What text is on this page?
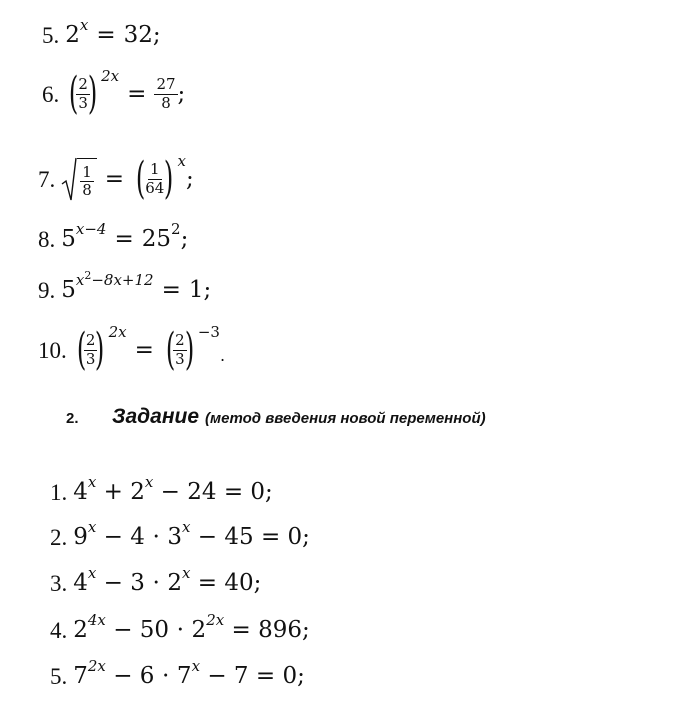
5. 2 x = 32;
6. (
$\frac{2}{3}$
) 2x
= $\frac{27}{8}$ ;
7. $\frac{1}{8}$ = (
$\frac{1}{64}$
) x
;
8. 5 x−4 = 25 2 ;
9. 5 $x^2-8x+12 = 1$;
10. (
$\frac{2}{3}$
) 2x
= (
$\frac{2}{3}$
) −3
.
2.	Задание (метод введения новой переменной)
1. 4 x + 2 x − 24 = 0;
2. 9 x − 4 ⋅ 3 x − 45 = 0;
3. 4 x − 3 ⋅ 2 x = 40;
4. 2 4x − 50 ⋅ 2 2x = 896;
5. 7 2x − 6 ⋅ 7 x − 7 = 0;
